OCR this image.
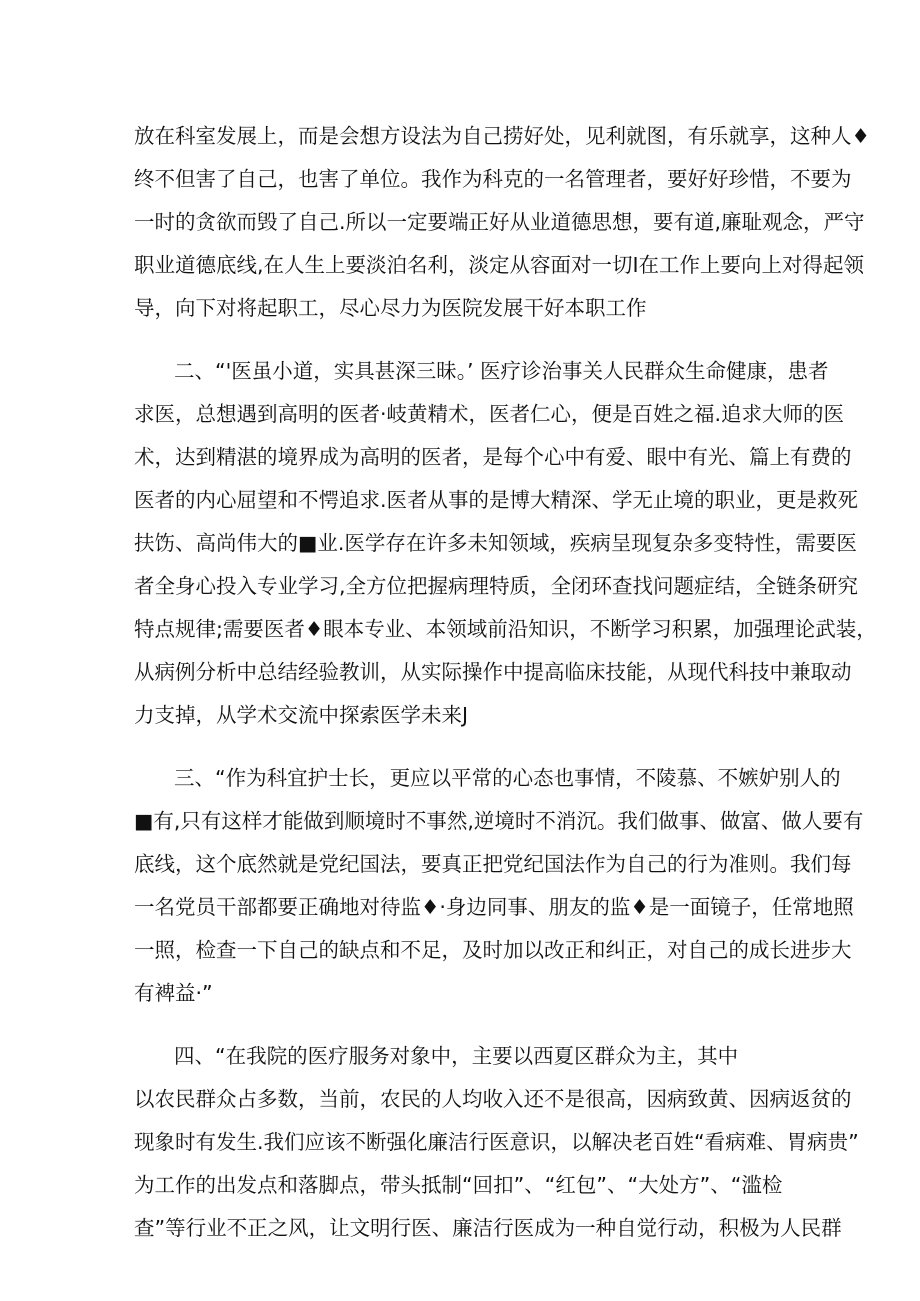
放在科室发展上，而是会想方设法为自己捞好处，见利就图，有乐就享，这种人♦
终不但害了自己，也害了单位。我作为科克的一名管理者，要好好珍惜，不要为
一时的贪欲而毁了自己.所以一定要端正好从业道德思想，要有道,廉耻观念，严守
职业道德底线,在人生上要淡泊名利，淡定从容面对一切I在工作上要向上对得起领
导，向下对将起职工，尽心尽力为医院发展干好本职工作
二、“'医虽小道，实具甚深三昧。’ 医疗诊治事关人民群众生命健康，患者
求医，总想遇到高明的医者·岐黄精术，医者仁心，便是百姓之福.追求大师的医
术，达到精湛的境界成为高明的医者，是每个心中有爱、眼中有光、篇上有费的
医者的内心屈望和不愕追求.医者从事的是博大精深、学无止境的职业，更是救死
扶饬、高尚伟大的■业.医学存在许多未知领域，疾病呈现复杂多变特性，需要医
者全身心投入专业学习,全方位把握病理特质，全闭环查找问题症结，全链条研究
特点规律;需要医者♦眼本专业、本领域前沿知识，不断学习积累，加强理论武装，
从病例分析中总结经验教训，从实际操作中提高临床技能，从现代科技中兼取动
力支掉，从学术交流中探索医学未来J
三、“作为科宜护士长，更应以平常的心态也事情，不陵慕、不嫉妒别人的
■有,只有这样才能做到顺境时不事然,逆境时不消沉。我们做事、做富、做人要有
底线，这个底然就是党纪国法，要真正把党纪国法作为自己的行为准则。我们每
一名党员干部都要正确地对待监♦·身边同事、朋友的监♦是一面镜子，任常地照
一照，检查一下自己的缺点和不足，及时加以改正和纠正，对自己的成长进步大
有裨益·”
四、“在我院的医疗服务对象中，主要以西夏区群众为主，其中
以农民群众占多数，当前，农民的人均收入还不是很高，因病致黄、因病返贫的
现象时有发生.我们应该不断强化廉洁行医意识，以解决老百姓“看病难、胃病贵”
为工作的出发点和落脚点，带头抵制“回扣”、“红包”、“大处方”、“滥检
查”等行业不正之风，让文明行医、廉洁行医成为一种自觉行动，积极为人民群
